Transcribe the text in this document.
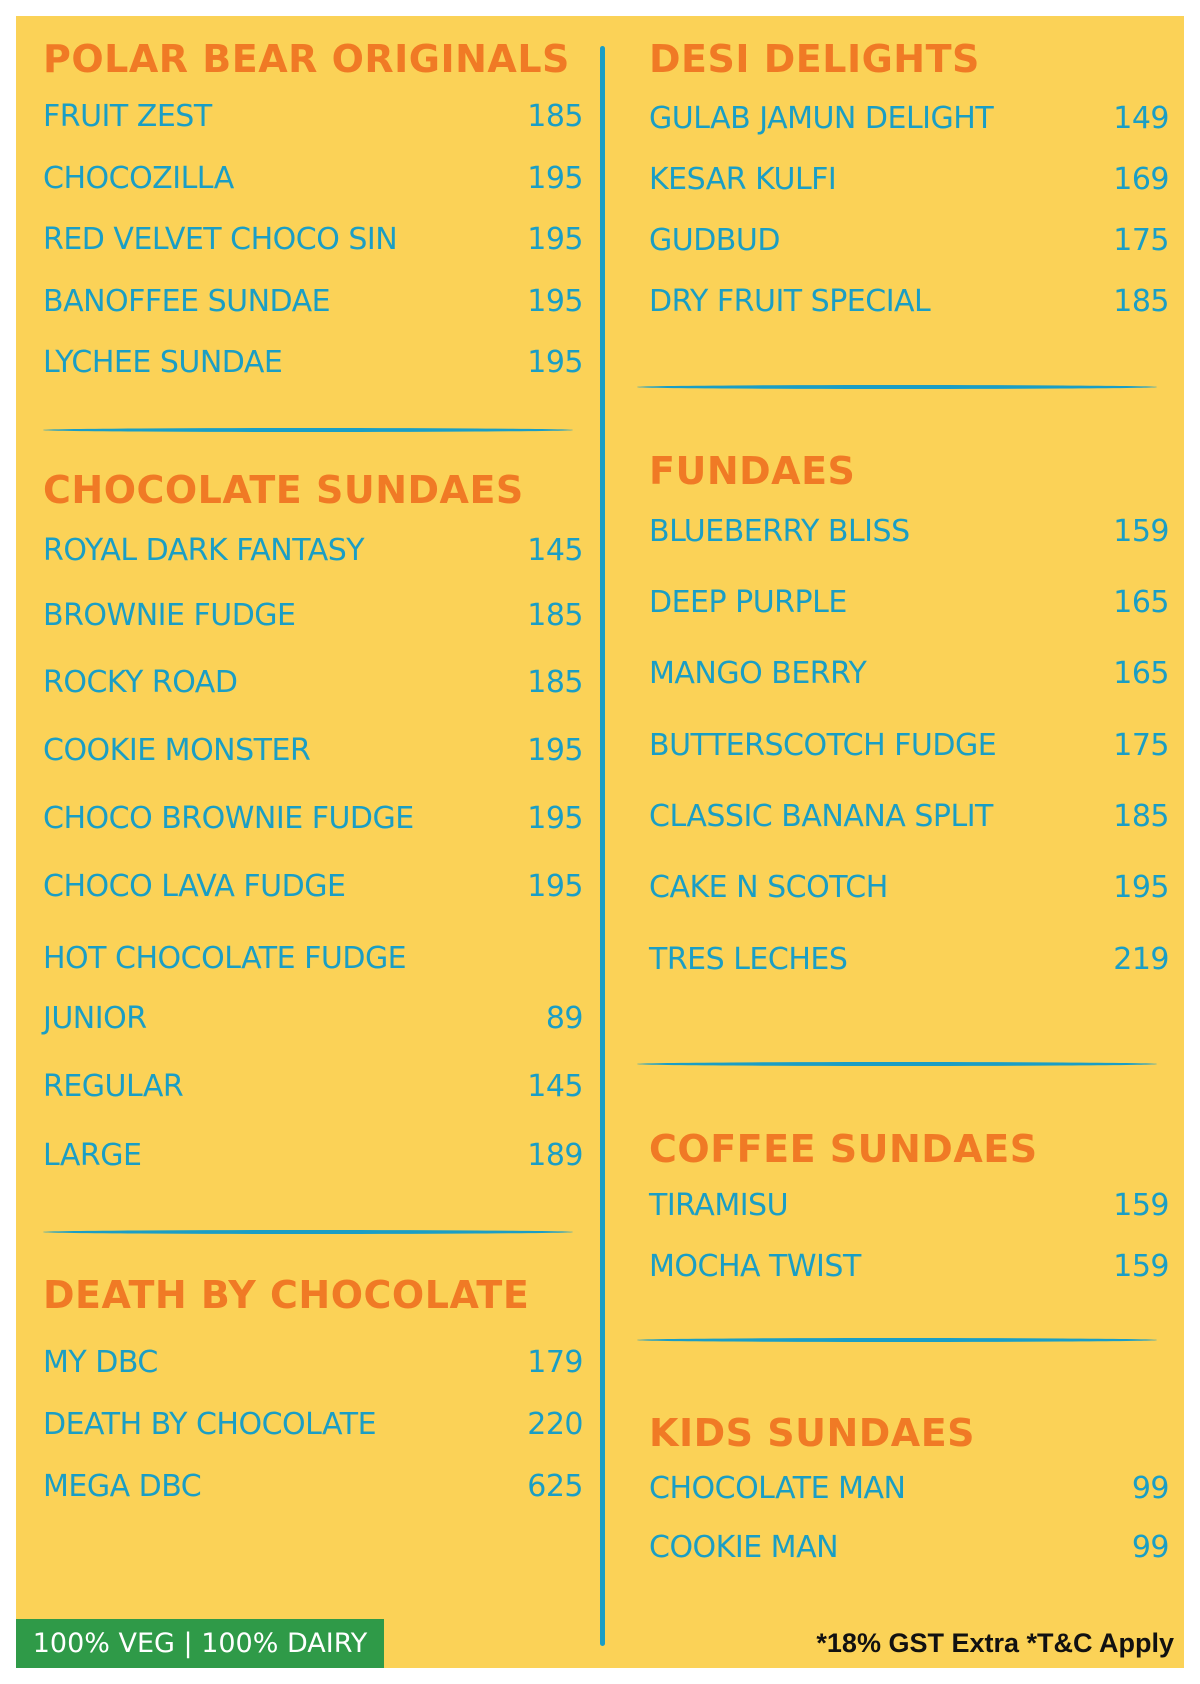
POLAR BEAR ORIGINALS
FRUIT ZEST	185
CHOCOZILLA	195
RED VELVET CHOCO SIN	195
BANOFFEE SUNDAE	195
LYCHEE SUNDAE	195
CHOCOLATE SUNDAES
ROYAL DARK FANTASY	145
BROWNIE FUDGE	185
ROCKY ROAD	185
COOKIE MONSTER	195
CHOCO BROWNIE FUDGE	195
CHOCO LAVA FUDGE	195
HOT CHOCOLATE FUDGE
JUNIOR	89
REGULAR	145
LARGE	189
DEATH BY CHOCOLATE
MY DBC	179
DEATH BY CHOCOLATE	220
MEGA DBC	625
DESI DELIGHTS
GULAB JAMUN DELIGHT	149
KESAR KULFI	169
GUDBUD	175
DRY FRUIT SPECIAL	185
FUNDAES
BLUEBERRY BLISS	159
DEEP PURPLE	165
MANGO BERRY	165
BUTTERSCOTCH FUDGE	175
CLASSIC BANANA SPLIT	185
CAKE N SCOTCH	195
TRES LECHES	219
COFFEE SUNDAES
TIRAMISU	159
MOCHA TWIST	159
KIDS SUNDAES
CHOCOLATE MAN	99
COOKIE MAN	99
100% VEG | 100% DAIRY	*18% GST Extra *T&C Apply
